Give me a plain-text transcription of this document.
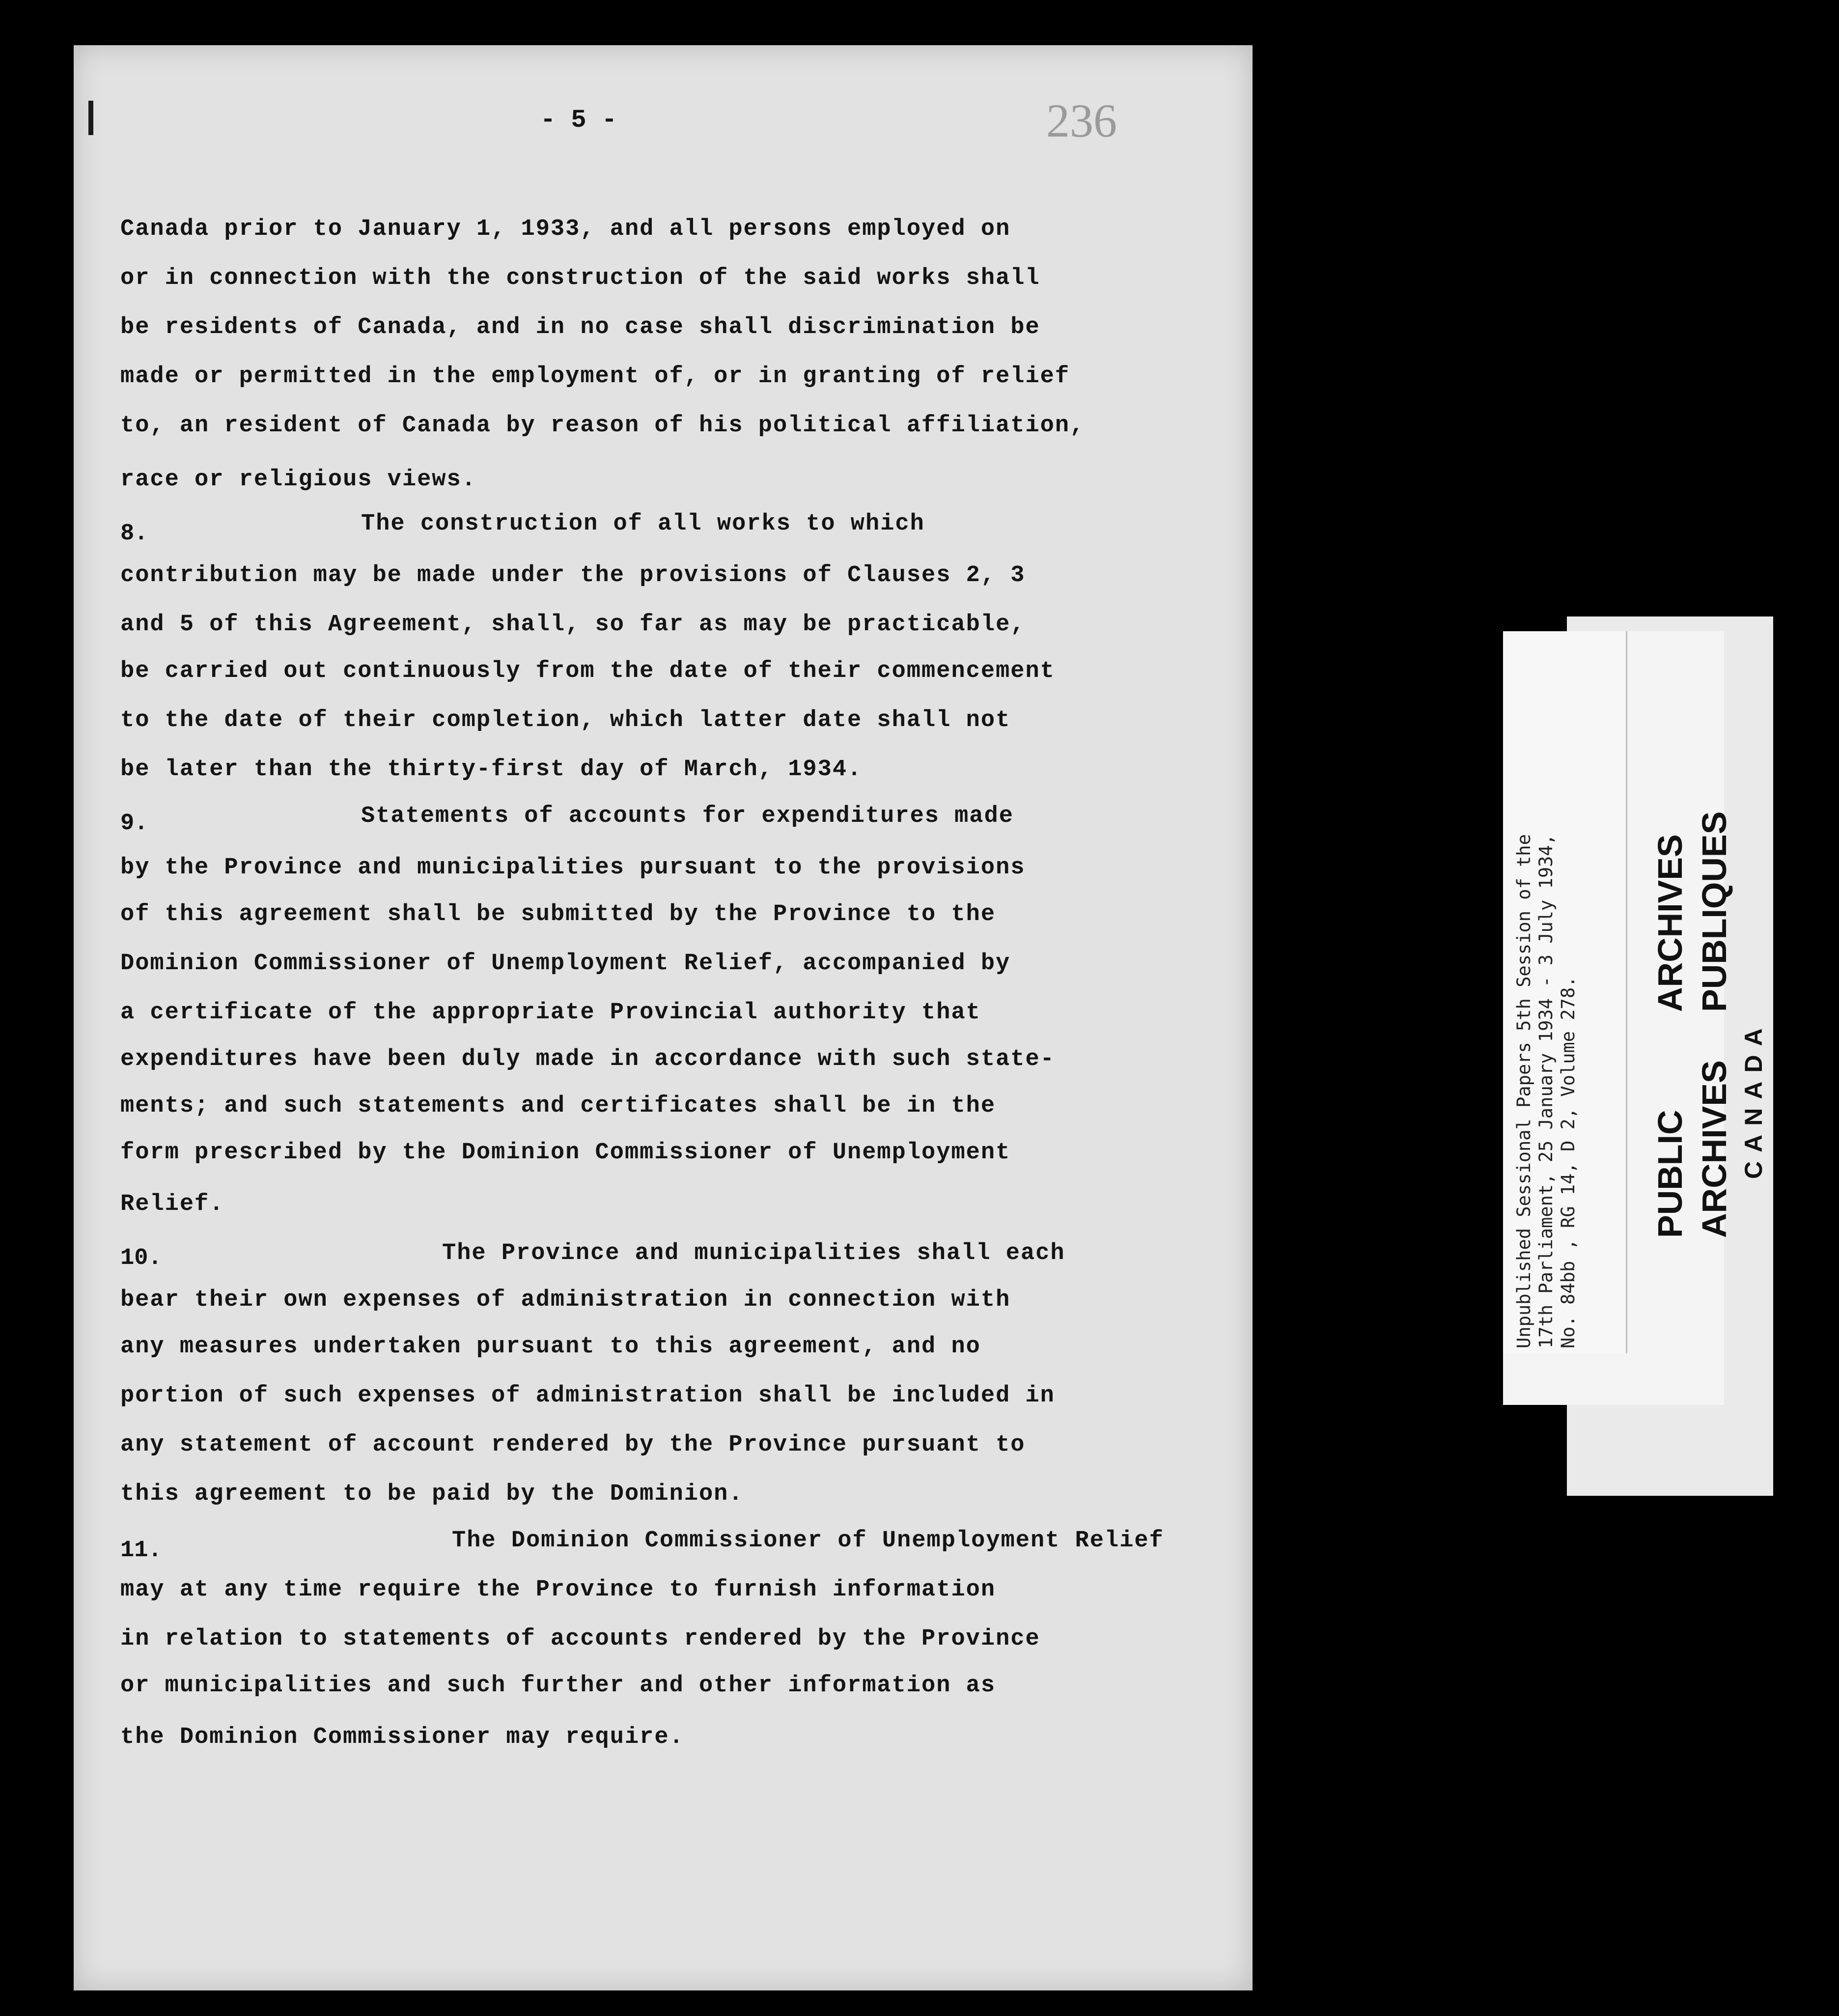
- 5 -	236
Canada prior to January 1, 1933, and all persons employed on
or in connection with the construction of the said works shall
be residents of Canada, and in no case shall discrimination be
made or permitted in the employment of, or in granting of relief
to, an resident of Canada by reason of his political affiliation,
race or religious views.
8.	The construction of all works to which
contribution may be made under the provisions of Clauses 2, 3
and 5 of this Agreement, shall, so far as may be practicable,
be carried out continuously from the date of their commencement
to the date of their completion, which latter date shall not
be later than the thirty-first day of March, 1934.
9.	Statements of accounts for expenditures made
by the Province and municipalities pursuant to the provisions
of this agreement shall be submitted by the Province to the
Dominion Commissioner of Unemployment Relief, accompanied by
a certificate of the appropriate Provincial authority that
expenditures have been duly made in accordance with such state-
ments; and such statements and certificates shall be in the
form prescribed by the Dominion Commissioner of Unemployment
Relief.
10.	The Province and municipalities shall each
bear their own expenses of administration in connection with
any measures undertaken pursuant to this agreement, and no
portion of such expenses of administration shall be included in
any statement of account rendered by the Province pursuant to
this agreement to be paid by the Dominion.
11.	The Dominion Commissioner of Unemployment Relief
may at any time require the Province to furnish information
in relation to statements of accounts rendered by the Province
or municipalities and such further and other information as
the Dominion Commissioner may require.
Unpublished Sessional Papers 5th Session of the 17th Parliament, 25 January 1934 - 3 July 1934, No. 84bb , RG 14, D 2, Volume 278. PUBLICARCHIVES
ARCHIVESPUBLIQUES
CANADA
